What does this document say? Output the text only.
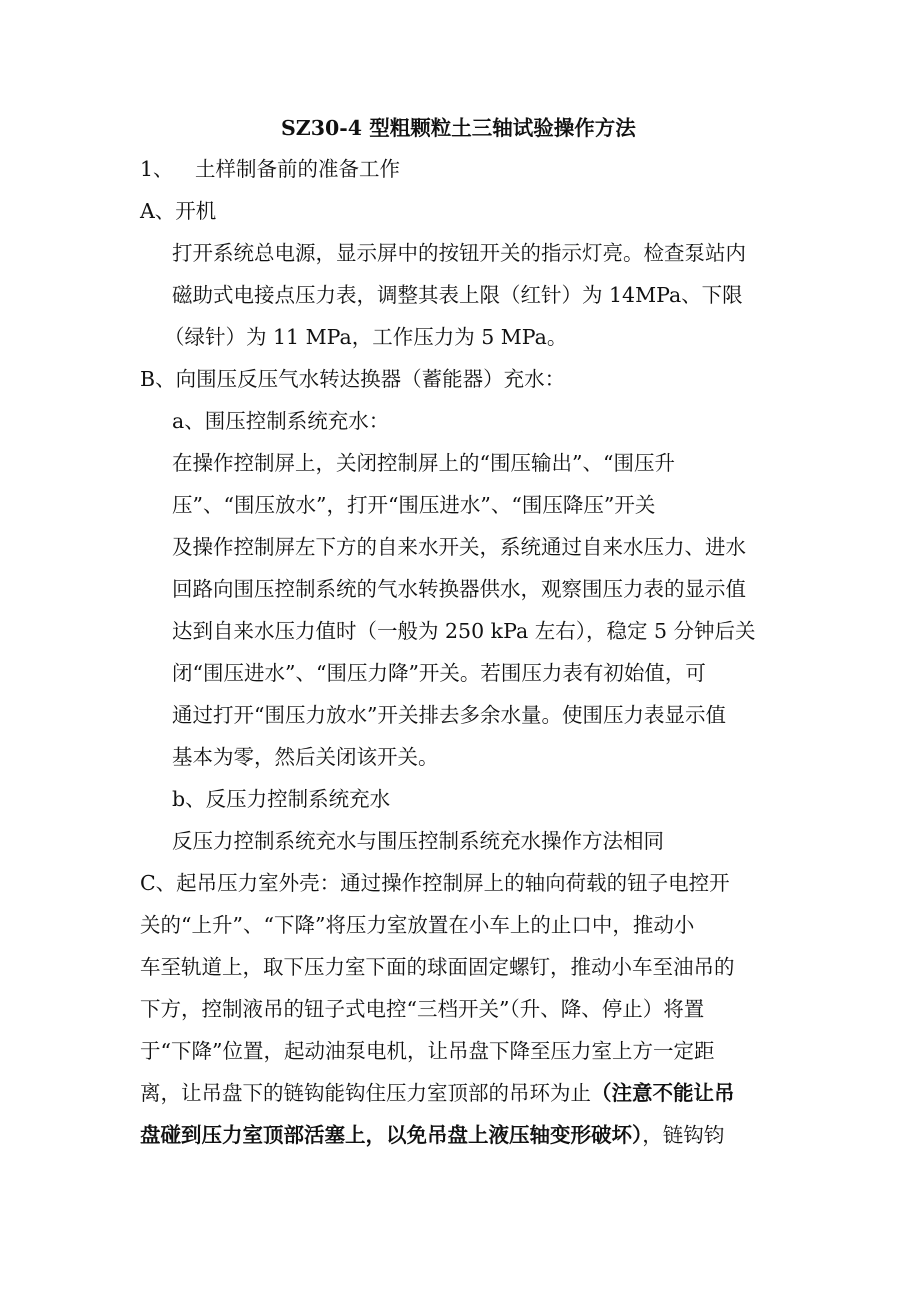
SZ30-4 型粗颗粒土三轴试验操作方法
1、 土样制备前的准备工作
A、开机
打开系统总电源，显示屏中的按钮开关的指示灯亮。检查泵站内
磁助式电接点压力表，调整其表上限（红针）为 14MPa、下限
（绿针）为 11 MPa，工作压力为 5 MPa。
B、向围压反压气水转达换器（蓄能器）充水：
a、围压控制系统充水：
在操作控制屏上，关闭控制屏上的“围压输出”、“围压升
压”、“围压放水”，打开“围压进水”、“围压降压”开关
及操作控制屏左下方的自来水开关，系统通过自来水压力、进水
回路向围压控制系统的气水转换器供水，观察围压力表的显示值
达到自来水压力值时（一般为 250 kPa 左右），稳定 5 分钟后关
闭“围压进水”、“围压力降”开关。若围压力表有初始值，可
通过打开“围压力放水”开关排去多余水量。使围压力表显示值
基本为零，然后关闭该开关。
b、反压力控制系统充水
反压力控制系统充水与围压控制系统充水操作方法相同
C、起吊压力室外壳：通过操作控制屏上的轴向荷载的钮子电控开
关的“上升”、“下降”将压力室放置在小车上的止口中，推动小
车至轨道上，取下压力室下面的球面固定螺钉，推动小车至油吊的
下方，控制液吊的钮子式电控“三档开关”（升、降、停止）将置
于“下降”位置，起动油泵电机，让吊盘下降至压力室上方一定距
离，让吊盘下的链钩能钩住压力室顶部的吊环为止（注意不能让吊
盘碰到压力室顶部活塞上，以免吊盘上液压轴变形破坏），链钩钧
